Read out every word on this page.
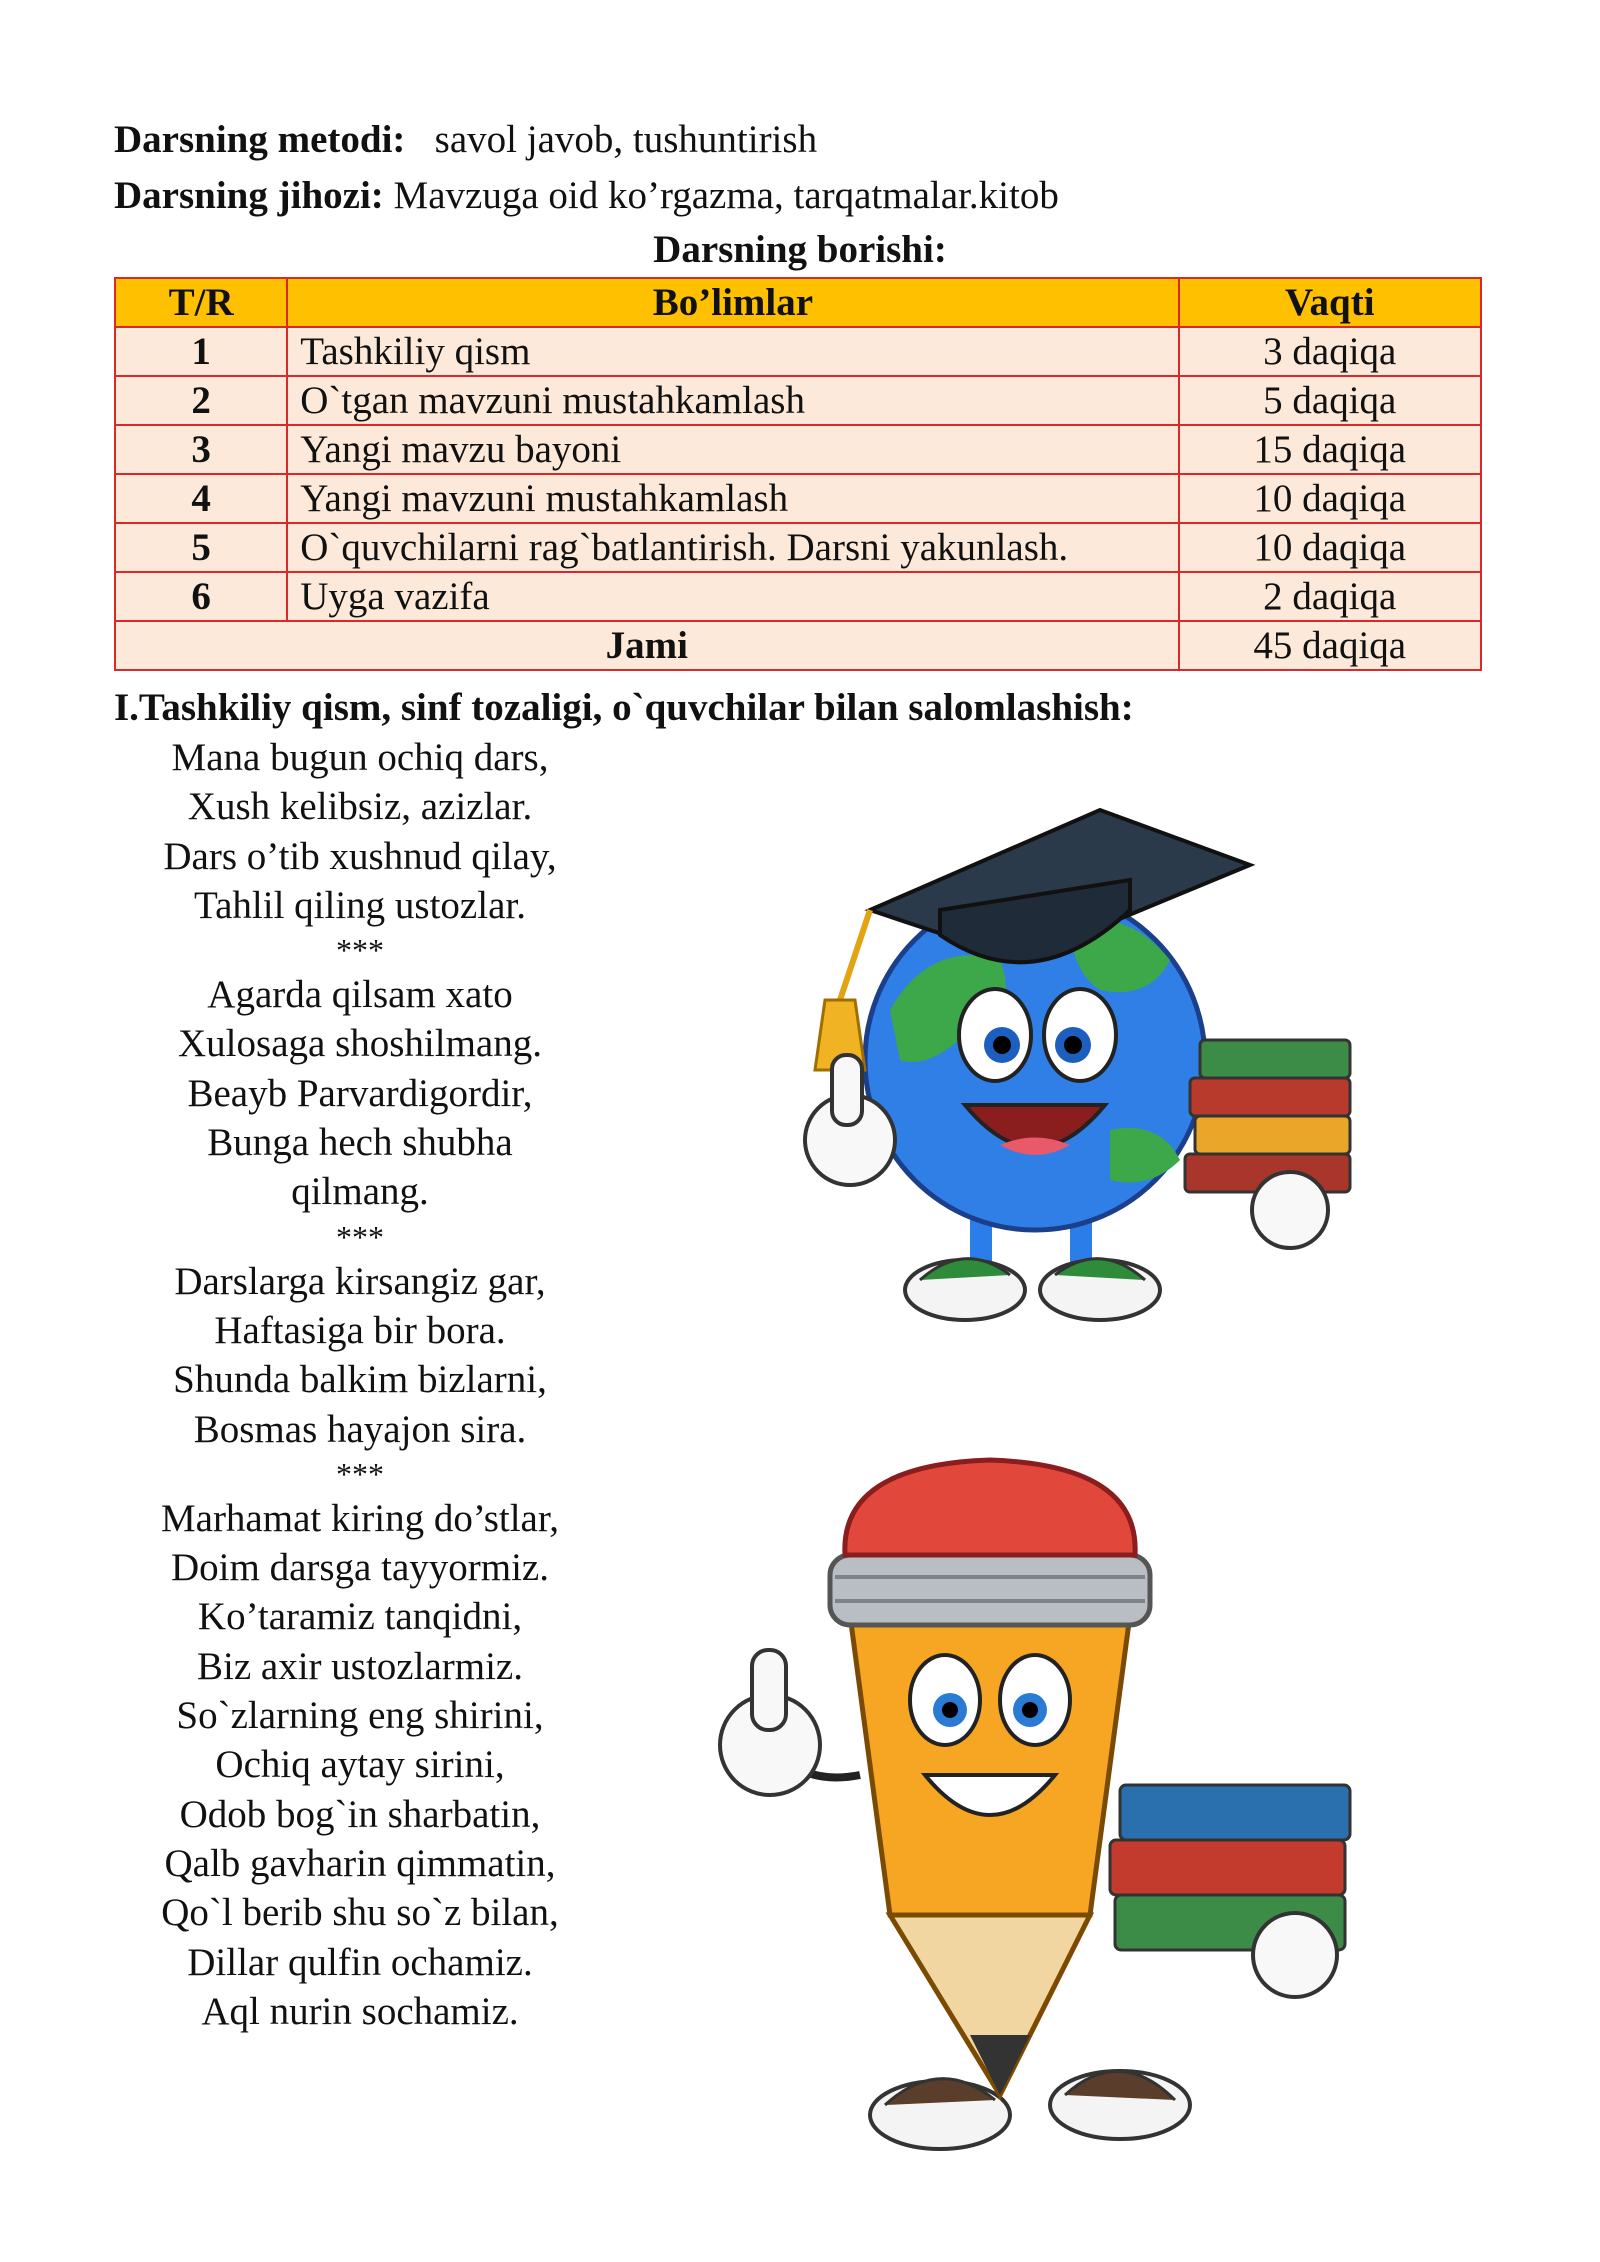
Darsning metodi: savol javob, tushuntirish
Darsning jihozi: Mavzuga oid ko’rgazma, tarqatmalar.kitob
Darsning borishi:
T/R	Bo’limlar	Vaqti
1	Tashkiliy qism	3 daqiqa
2	O`tgan mavzuni mustahkamlash	5 daqiqa
3	Yangi mavzu bayoni	15 daqiqa
4	Yangi mavzuni mustahkamlash	10 daqiqa
5	O`quvchilarni rag`batlantirish. Darsni yakunlash.	10 daqiqa
6	Uyga vazifa	2 daqiqa
Jami		45 daqiqa
I.Tashkiliy qism, sinf tozaligi, o`quvchilar bilan salomlashish:
Mana bugun ochiq dars,
Xush kelibsiz, azizlar.
Dars o’tib xushnud qilay,
Tahlil qiling ustozlar.
***
Agarda qilsam xato
Xulosaga shoshilmang.
Beayb Parvardigordir,
Bunga hech shubha
qilmang.
***
Darslarga kirsangiz gar,
Haftasiga bir bora.
Shunda balkim bizlarni,
Bosmas hayajon sira.
***
Marhamat kiring do’stlar,
Doim darsga tayyormiz.
Ko’taramiz tanqidni,
Biz axir ustozlarmiz.
So`zlarning eng shirini,
Ochiq aytay sirini,
Odob bog`in sharbatin,
Qalb gavharin qimmatin,
Qo`l berib shu so`z bilan,
Dillar qulfin ochamiz.
Aql nurin sochamiz.
